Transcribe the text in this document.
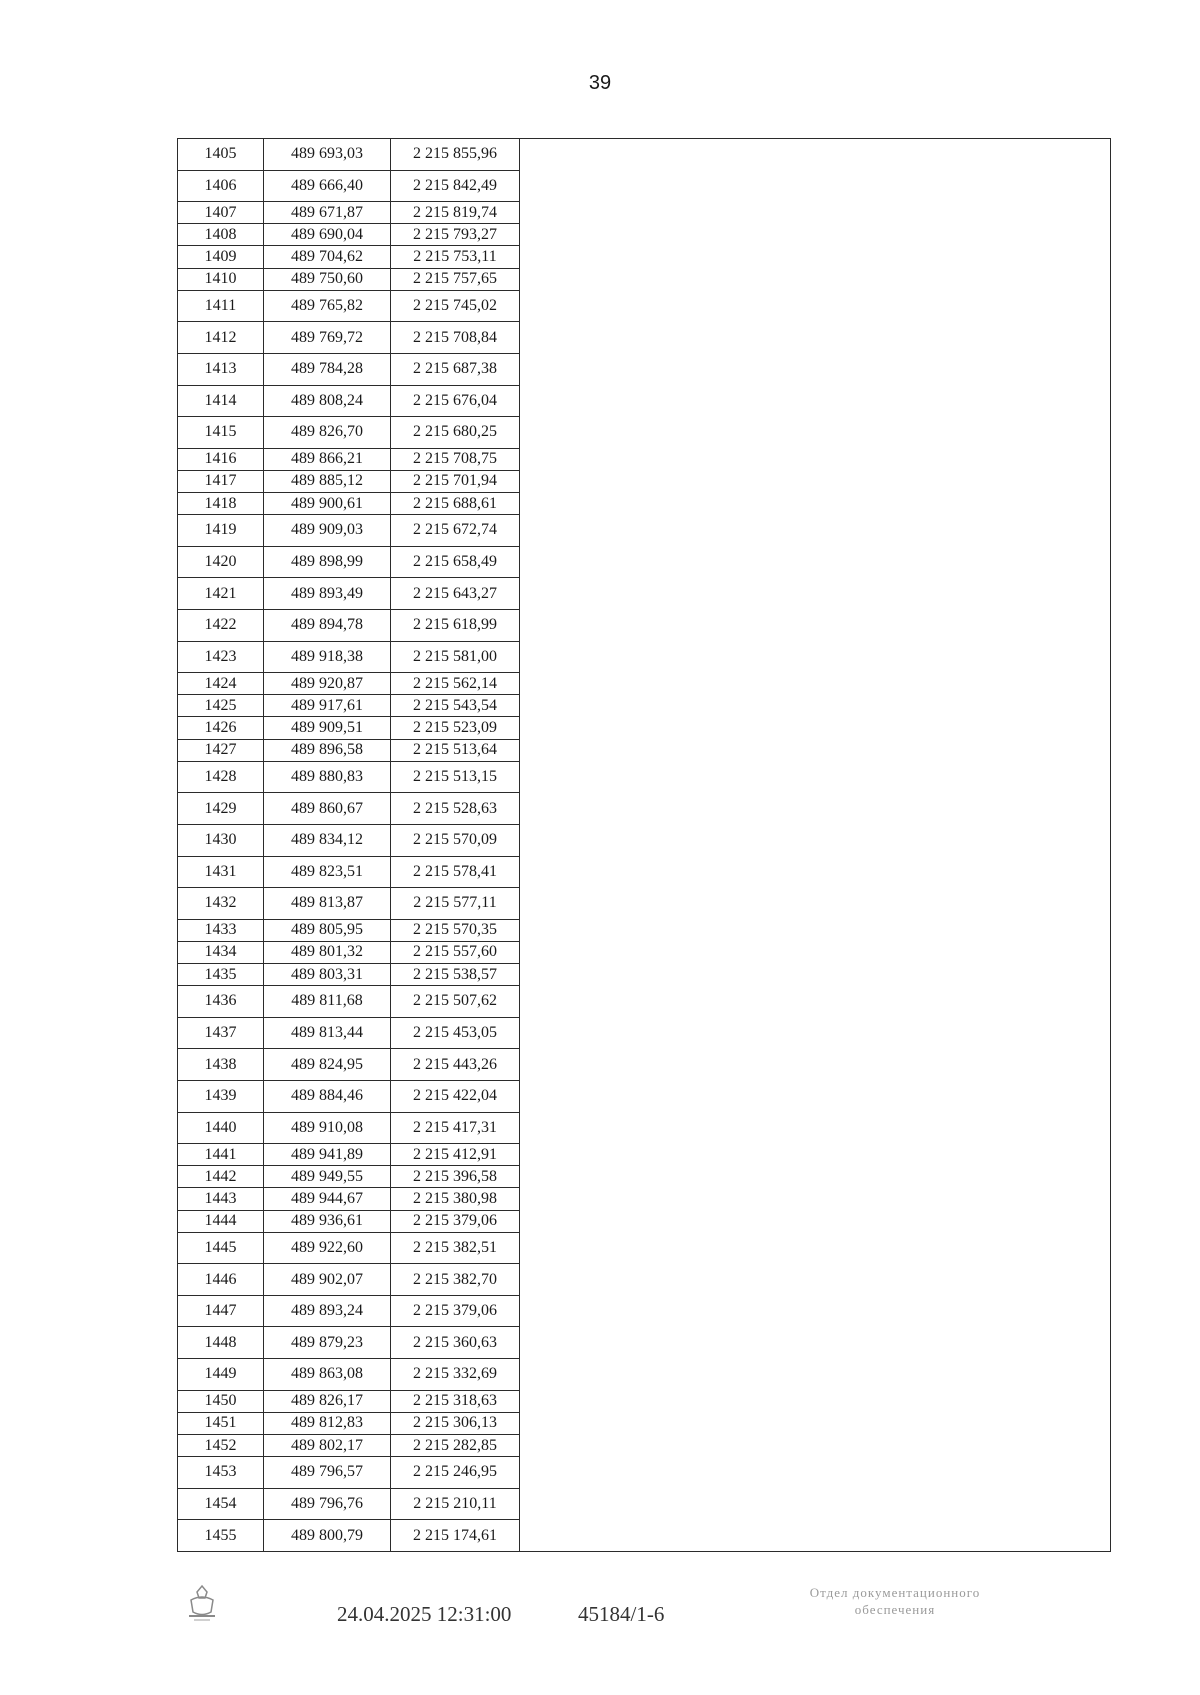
39
1405	489 693,03	2 215 855,96	
1406	489 666,40	2 215 842,49	
1407	489 671,87	2 215 819,74	
1408	489 690,04	2 215 793,27	
1409	489 704,62	2 215 753,11	
1410	489 750,60	2 215 757,65	
1411	489 765,82	2 215 745,02	
1412	489 769,72	2 215 708,84	
1413	489 784,28	2 215 687,38	
1414	489 808,24	2 215 676,04	
1415	489 826,70	2 215 680,25	
1416	489 866,21	2 215 708,75	
1417	489 885,12	2 215 701,94	
1418	489 900,61	2 215 688,61	
1419	489 909,03	2 215 672,74	
1420	489 898,99	2 215 658,49	
1421	489 893,49	2 215 643,27	
1422	489 894,78	2 215 618,99	
1423	489 918,38	2 215 581,00	
1424	489 920,87	2 215 562,14	
1425	489 917,61	2 215 543,54	
1426	489 909,51	2 215 523,09	
1427	489 896,58	2 215 513,64	
1428	489 880,83	2 215 513,15	
1429	489 860,67	2 215 528,63	
1430	489 834,12	2 215 570,09	
1431	489 823,51	2 215 578,41	
1432	489 813,87	2 215 577,11	
1433	489 805,95	2 215 570,35	
1434	489 801,32	2 215 557,60	
1435	489 803,31	2 215 538,57	
1436	489 811,68	2 215 507,62	
1437	489 813,44	2 215 453,05	
1438	489 824,95	2 215 443,26	
1439	489 884,46	2 215 422,04	
1440	489 910,08	2 215 417,31	
1441	489 941,89	2 215 412,91	
1442	489 949,55	2 215 396,58	
1443	489 944,67	2 215 380,98	
1444	489 936,61	2 215 379,06	
1445	489 922,60	2 215 382,51	
1446	489 902,07	2 215 382,70	
1447	489 893,24	2 215 379,06	
1448	489 879,23	2 215 360,63	
1449	489 863,08	2 215 332,69	
1450	489 826,17	2 215 318,63	
1451	489 812,83	2 215 306,13	
1452	489 802,17	2 215 282,85	
1453	489 796,57	2 215 246,95	
1454	489 796,76	2 215 210,11	
1455	489 800,79	2 215 174,61	
24.04.2025 12:31:00	45184/1-6
Отдел документационного
обеспечения
